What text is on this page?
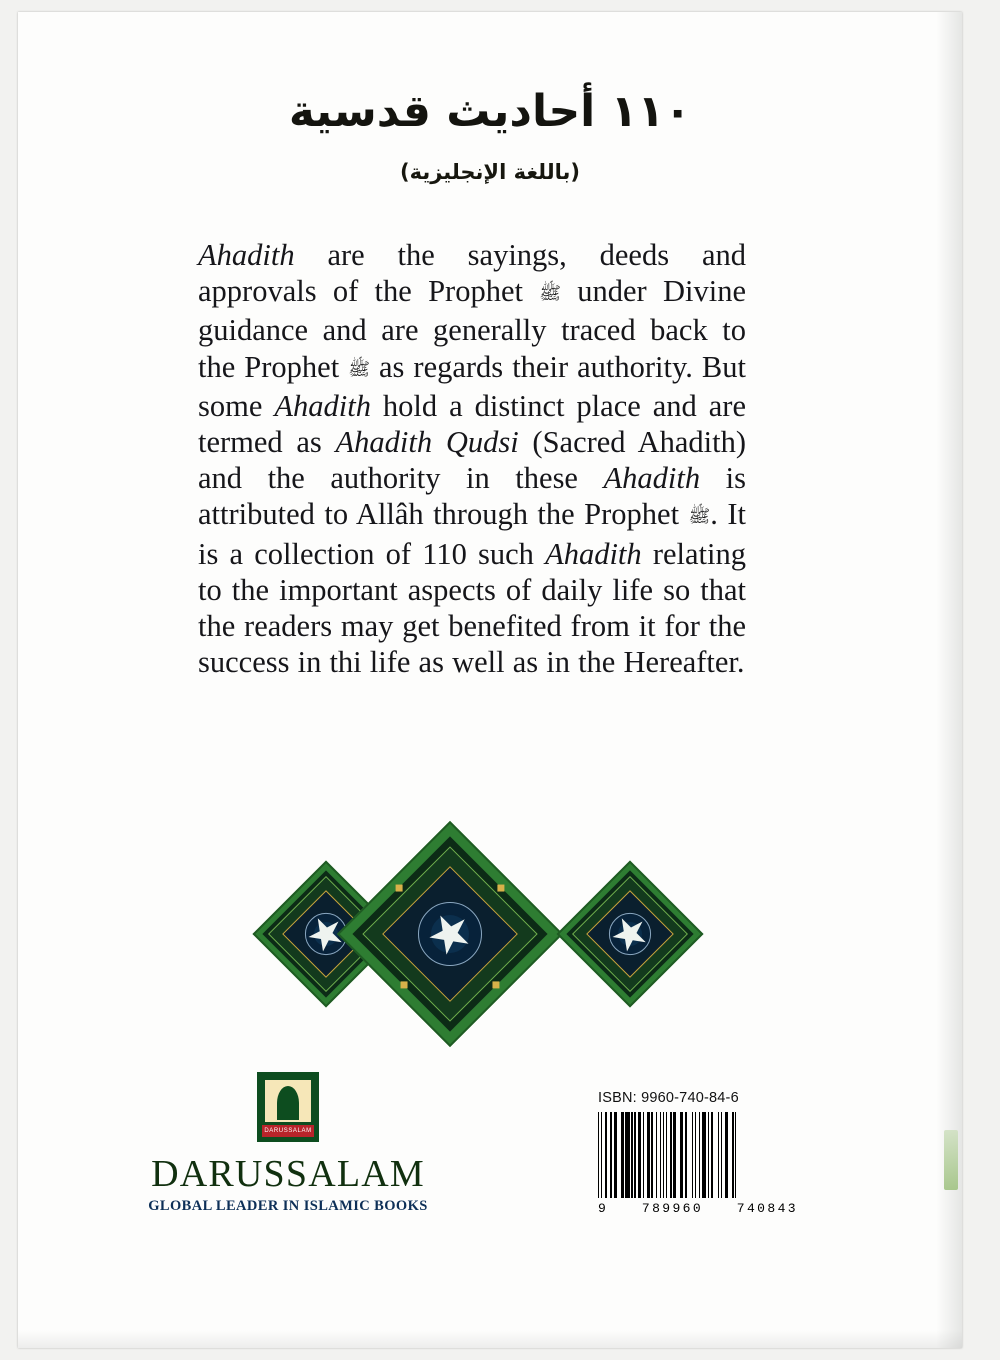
١١٠ أحاديث قدسية
(باللغة الإنجليزية)
Ahadith are the sayings, deeds and approvals of the Prophet ﷺ under Divine guidance and are generally traced back to the Prophet ﷺ as regards their authority. But some Ahadith hold a distinct place and are termed as Ahadith Qudsi (Sacred Ahadith) and the authority in these Ahadith is attributed to Allâh through the Prophet ﷺ. It is a collection of 110 such Ahadith relating to the important aspects of daily life so that the readers may get benefited from it for the success in thi life as well as in the Hereafter.
DARUSSALAM
DARUSSALAM
GLOBAL LEADER IN ISLAMIC BOOKS
ISBN: 9960-740-84-6
9	789960	740843
